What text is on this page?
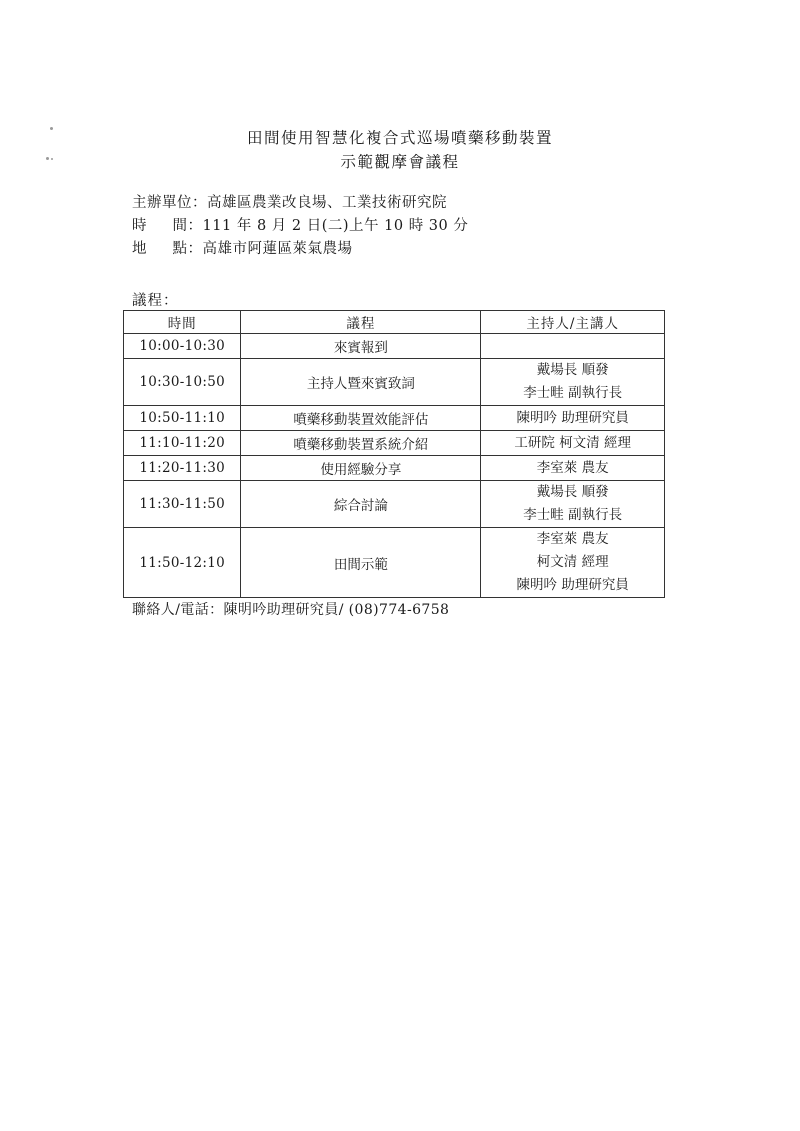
田間使用智慧化複合式巡場噴藥移動裝置
示範觀摩會議程
主辦單位： 高雄區農業改良場、工業技術研究院
時     間： 111 年 8 月 2 日(二)上午 10 時 30 分
地     點： 高雄市阿蓮區萊氣農場
議程：
時間	議程	主持人/主講人
10:00-10:30	來賓報到	
10:30-10:50	主持人暨來賓致詞	戴場長 順發
李士畦 副執行長

10:50-11:10	噴藥移動裝置效能評估	陳明吟 助理研究員

11:10-11:20	噴藥移動裝置系統介紹	工研院 柯文清 經理

11:20-11:30	使用經驗分享	李室萊 農友

11:30-11:50	綜合討論	戴場長 順發
李士畦 副執行長

11:50-12:10	田間示範	李室萊 農友
柯文清 經理
陳明吟 助理研究員
聯絡人/電話：陳明吟助理研究員/ (08)774-6758
